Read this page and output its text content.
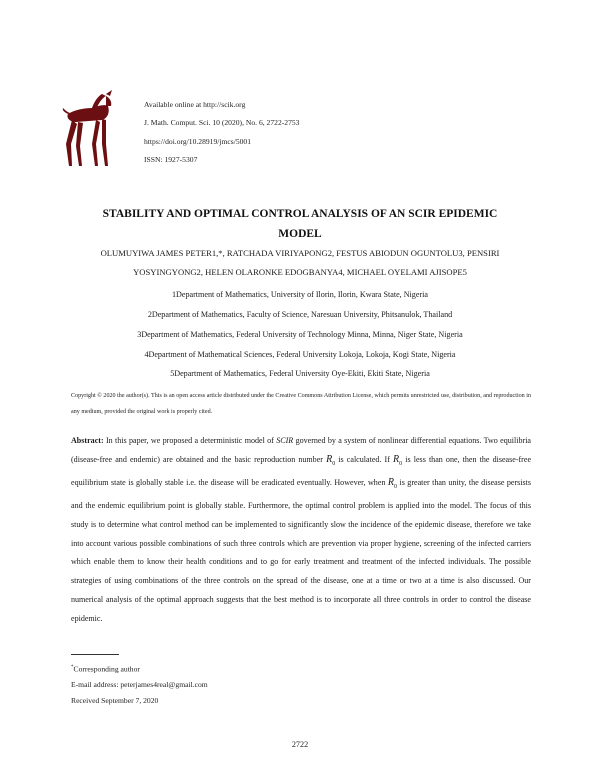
Available online at http://scik.org
J. Math. Comput. Sci. 10 (2020), No. 6, 2722-2753
https://doi.org/10.28919/jmcs/5001
ISSN: 1927-5307
STABILITY AND OPTIMAL CONTROL ANALYSIS OF AN SCIR EPIDEMIC
MODEL
OLUMUYIWA JAMES PETER1,*, RATCHADA VIRIYAPONG2, FESTUS ABIODUN OGUNTOLU3, PENSIRI
YOSYINGYONG2, HELEN OLARONKE EDOGBANYA4, MICHAEL OYELAMI AJISOPE5
1Department of Mathematics, University of Ilorin, Ilorin, Kwara State, Nigeria
2Department of Mathematics, Faculty of Science, Naresuan University, Phitsanulok, Thailand
3Department of Mathematics, Federal University of Technology Minna, Minna, Niger State, Nigeria
4Department of Mathematical Sciences, Federal University Lokoja, Lokoja, Kogi State, Nigeria
5Department of Mathematics, Federal University Oye-Ekiti, Ekiti State, Nigeria
Copyright © 2020 the author(s). This is an open access article distributed under the Creative Commons Attribution License, which permits unrestricted use, distribution, and reproduction in any medium, provided the original work is properly cited.
Abstract: In this paper, we proposed a deterministic model of SCIR governed by a system of nonlinear differential equations. Two equilibria (disease-free and endemic) are obtained and the basic reproduction number $R_0$ is calculated. If $R_0$ is less than one, then the disease-free equilibrium state is globally stable i.e. the disease will be eradicated eventually. However, when $R_0$ is greater than unity, the disease persists and the endemic equilibrium point is globally stable. Furthermore, the optimal control problem is applied into the model. The focus of this study is to determine what control method can be implemented to significantly slow the incidence of the epidemic disease, therefore we take into account various possible combinations of such three controls which are prevention via proper hygiene, screening of the infected carriers which enable them to know their health conditions and to go for early treatment and treatment of the infected individuals. The possible strategies of using combinations of the three controls on the spread of the disease, one at a time or two at a time is also discussed. Our numerical analysis of the optimal approach suggests that the best method is to incorporate all three controls in order to control the disease epidemic.
*Corresponding author
E-mail address: peterjames4real@gmail.com
Received September 7, 2020
2722
